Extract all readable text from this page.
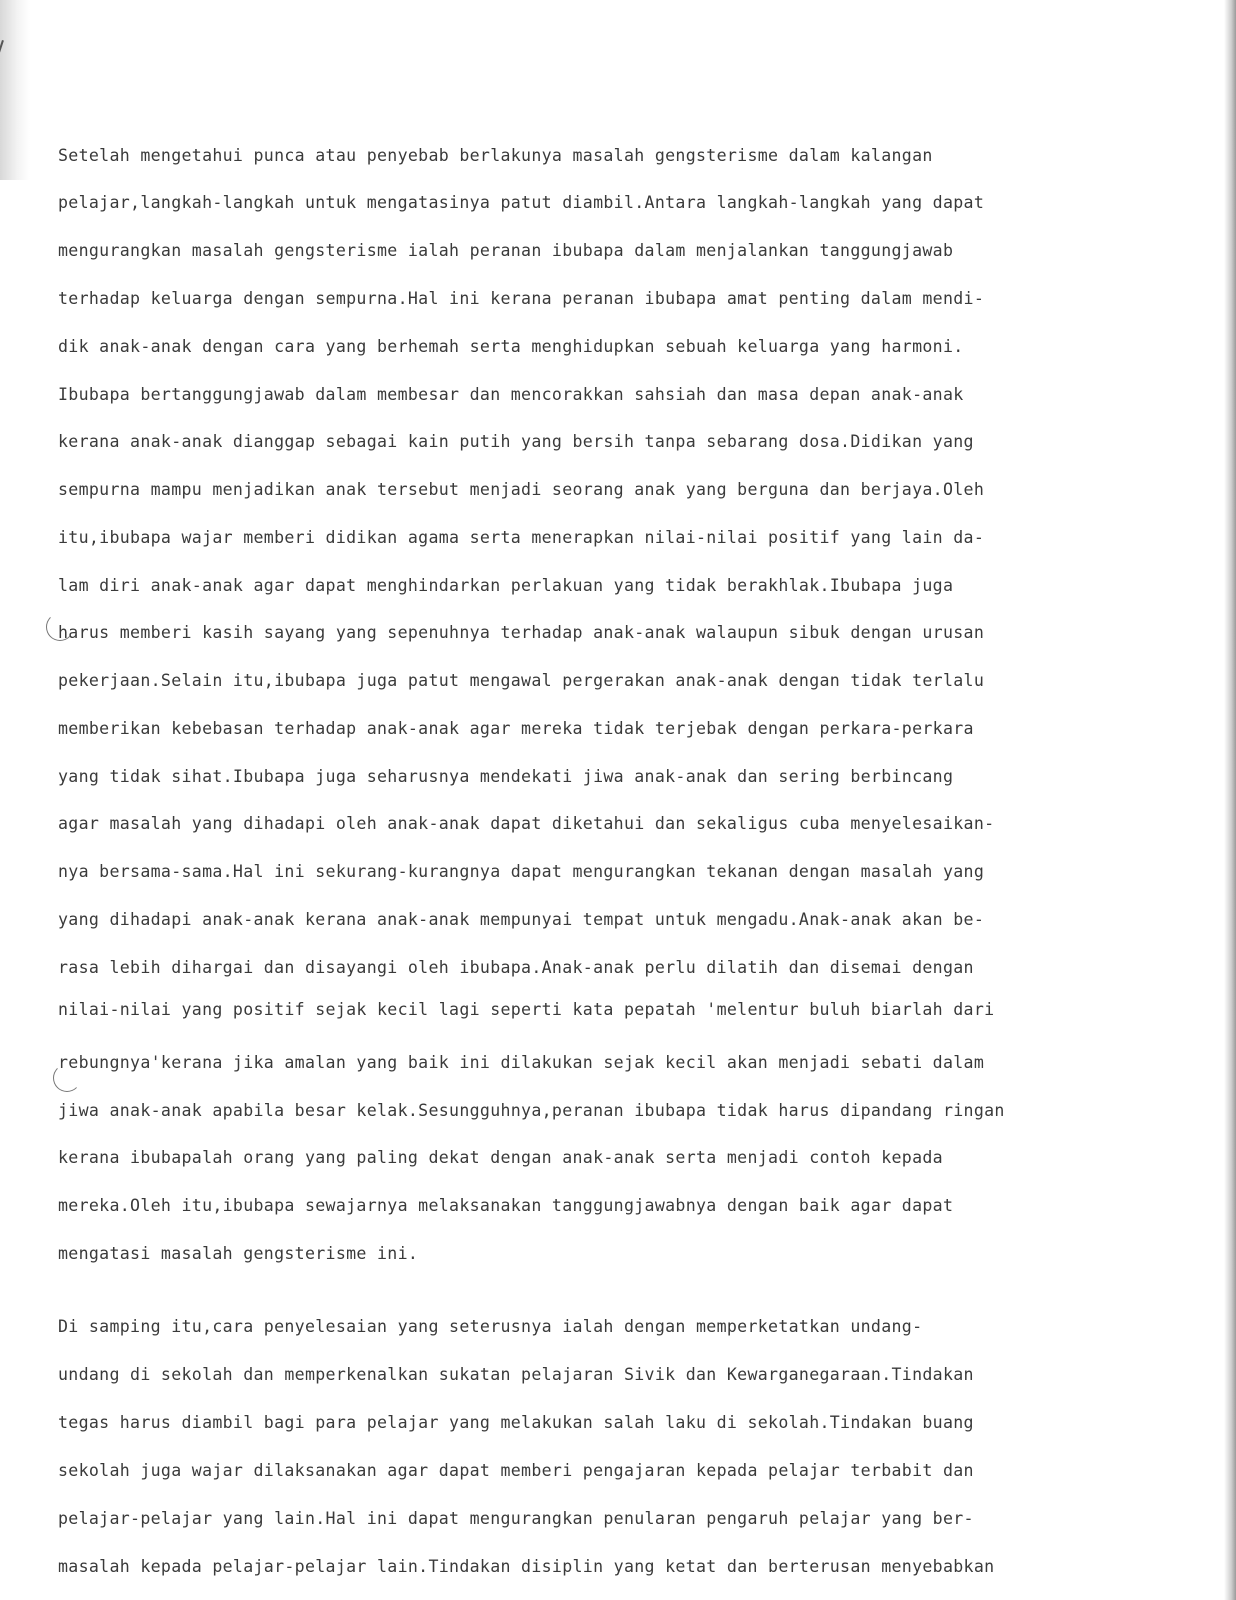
Setelah mengetahui punca atau penyebab berlakunya masalah gengsterisme dalam kalangan
pelajar,langkah-langkah untuk mengatasinya patut diambil.Antara langkah-langkah yang dapat
mengurangkan masalah gengsterisme ialah peranan ibubapa dalam menjalankan tanggungjawab
terhadap keluarga dengan sempurna.Hal ini kerana peranan ibubapa amat penting dalam mendi-
dik anak-anak dengan cara yang berhemah serta menghidupkan sebuah keluarga yang harmoni.
Ibubapa bertanggungjawab dalam membesar dan mencorakkan sahsiah dan masa depan anak-anak
kerana anak-anak dianggap sebagai kain putih yang bersih tanpa sebarang dosa.Didikan yang
sempurna mampu menjadikan anak tersebut menjadi seorang anak yang berguna dan berjaya.Oleh
itu,ibubapa wajar memberi didikan agama serta menerapkan nilai-nilai positif yang lain da-
lam diri anak-anak agar dapat menghindarkan perlakuan yang tidak berakhlak.Ibubapa juga
harus memberi kasih sayang yang sepenuhnya terhadap anak-anak walaupun sibuk dengan urusan
pekerjaan.Selain itu,ibubapa juga patut mengawal pergerakan anak-anak dengan tidak terlalu
memberikan kebebasan terhadap anak-anak agar mereka tidak terjebak dengan perkara-perkara
yang tidak sihat.Ibubapa juga seharusnya mendekati jiwa anak-anak dan sering berbincang
agar masalah yang dihadapi oleh anak-anak dapat diketahui dan sekaligus cuba menyelesaikan-
nya bersama-sama.Hal ini sekurang-kurangnya dapat mengurangkan tekanan dengan masalah yang
yang dihadapi anak-anak kerana anak-anak mempunyai tempat untuk mengadu.Anak-anak akan be-
rasa lebih dihargai dan disayangi oleh ibubapa.Anak-anak perlu dilatih dan disemai dengan
nilai-nilai yang positif sejak kecil lagi seperti kata pepatah 'melentur buluh biarlah dari
rebungnya'kerana jika amalan yang baik ini dilakukan sejak kecil akan menjadi sebati dalam
jiwa anak-anak apabila besar kelak.Sesungguhnya,peranan ibubapa tidak harus dipandang ringan
kerana ibubapalah orang yang paling dekat dengan anak-anak serta menjadi contoh kepada
mereka.Oleh itu,ibubapa sewajarnya melaksanakan tanggungjawabnya dengan baik agar dapat
mengatasi masalah gengsterisme ini.
Di samping itu,cara penyelesaian yang seterusnya ialah dengan memperketatkan undang-
undang di sekolah dan memperkenalkan sukatan pelajaran Sivik dan Kewarganegaraan.Tindakan
tegas harus diambil bagi para pelajar yang melakukan salah laku di sekolah.Tindakan buang
sekolah juga wajar dilaksanakan agar dapat memberi pengajaran kepada pelajar terbabit dan
pelajar-pelajar yang lain.Hal ini dapat mengurangkan penularan pengaruh pelajar yang ber-
masalah kepada pelajar-pelajar lain.Tindakan disiplin yang ketat dan berterusan menyebabkan
